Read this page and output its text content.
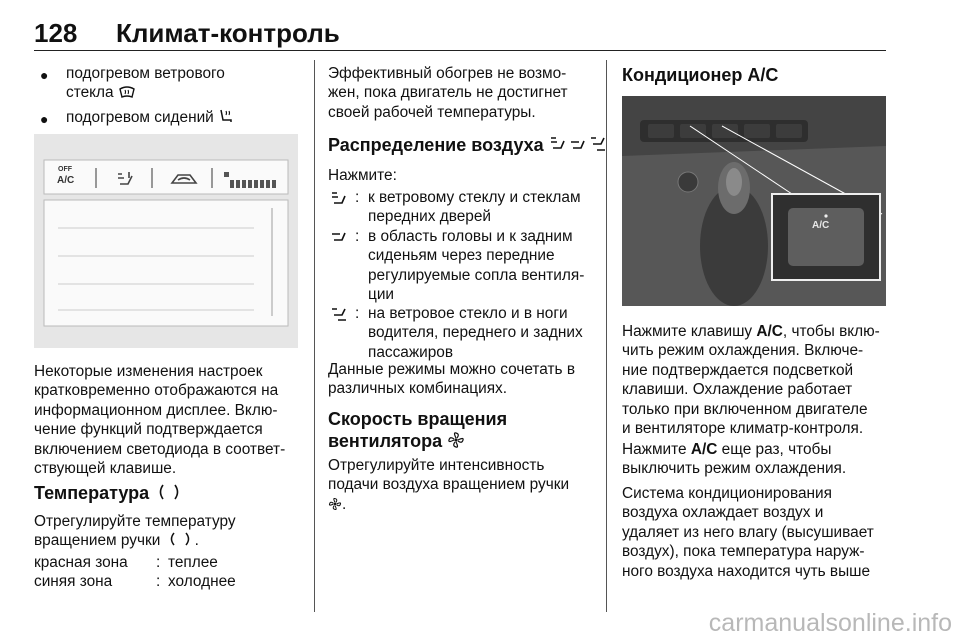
128 Климат-контроль
● подогревом ветрового
стекла
● подогревом сидений
OFF
A/C
Некоторые изменения настроек
кратковременно отображаются на
информационном дисплее. Вклю-
чение функций подтверждается
включением светодиода в соответ-
ствующей клавише.
Температура
Отрегулируйте температуру
вращением ручки .
красная зона : теплее
синяя зона	: холоднее
Эффективный обогрев не возмо-
жен, пока двигатель не достигнет
своей рабочей температуры.
Распределение воздуха
Нажмите:
: к ветровому стеклу и стеклам
передних дверей
: в область головы и к задним
сиденьям через передние
регулируемые сопла вентиля-
ции
: на ветровое стекло и в ноги
водителя, переднего и задних
пассажиров
Данные режимы можно сочетать в
различных комбинациях.
Скорость вращения
вентилятора
Отрегулируйте интенсивность
подачи воздуха вращением ручки
.
Кондиционер A/C
A/C
Нажмите клавишу A/C, чтобы вклю-
чить режим охлаждения. Включе-
ние подтверждается подсветкой
клавиши. Охлаждение работает
только при включенном двигателе
и вентиляторе климатр-контроля.
Нажмите A/C еще раз, чтобы
выключить режим охлаждения.
Система кондиционирования
воздуха охлаждает воздух и
удаляет из него влагу (высушивает
воздух), пока температура наруж-
ного воздуха находится чуть выше
carmanualsonline.info
